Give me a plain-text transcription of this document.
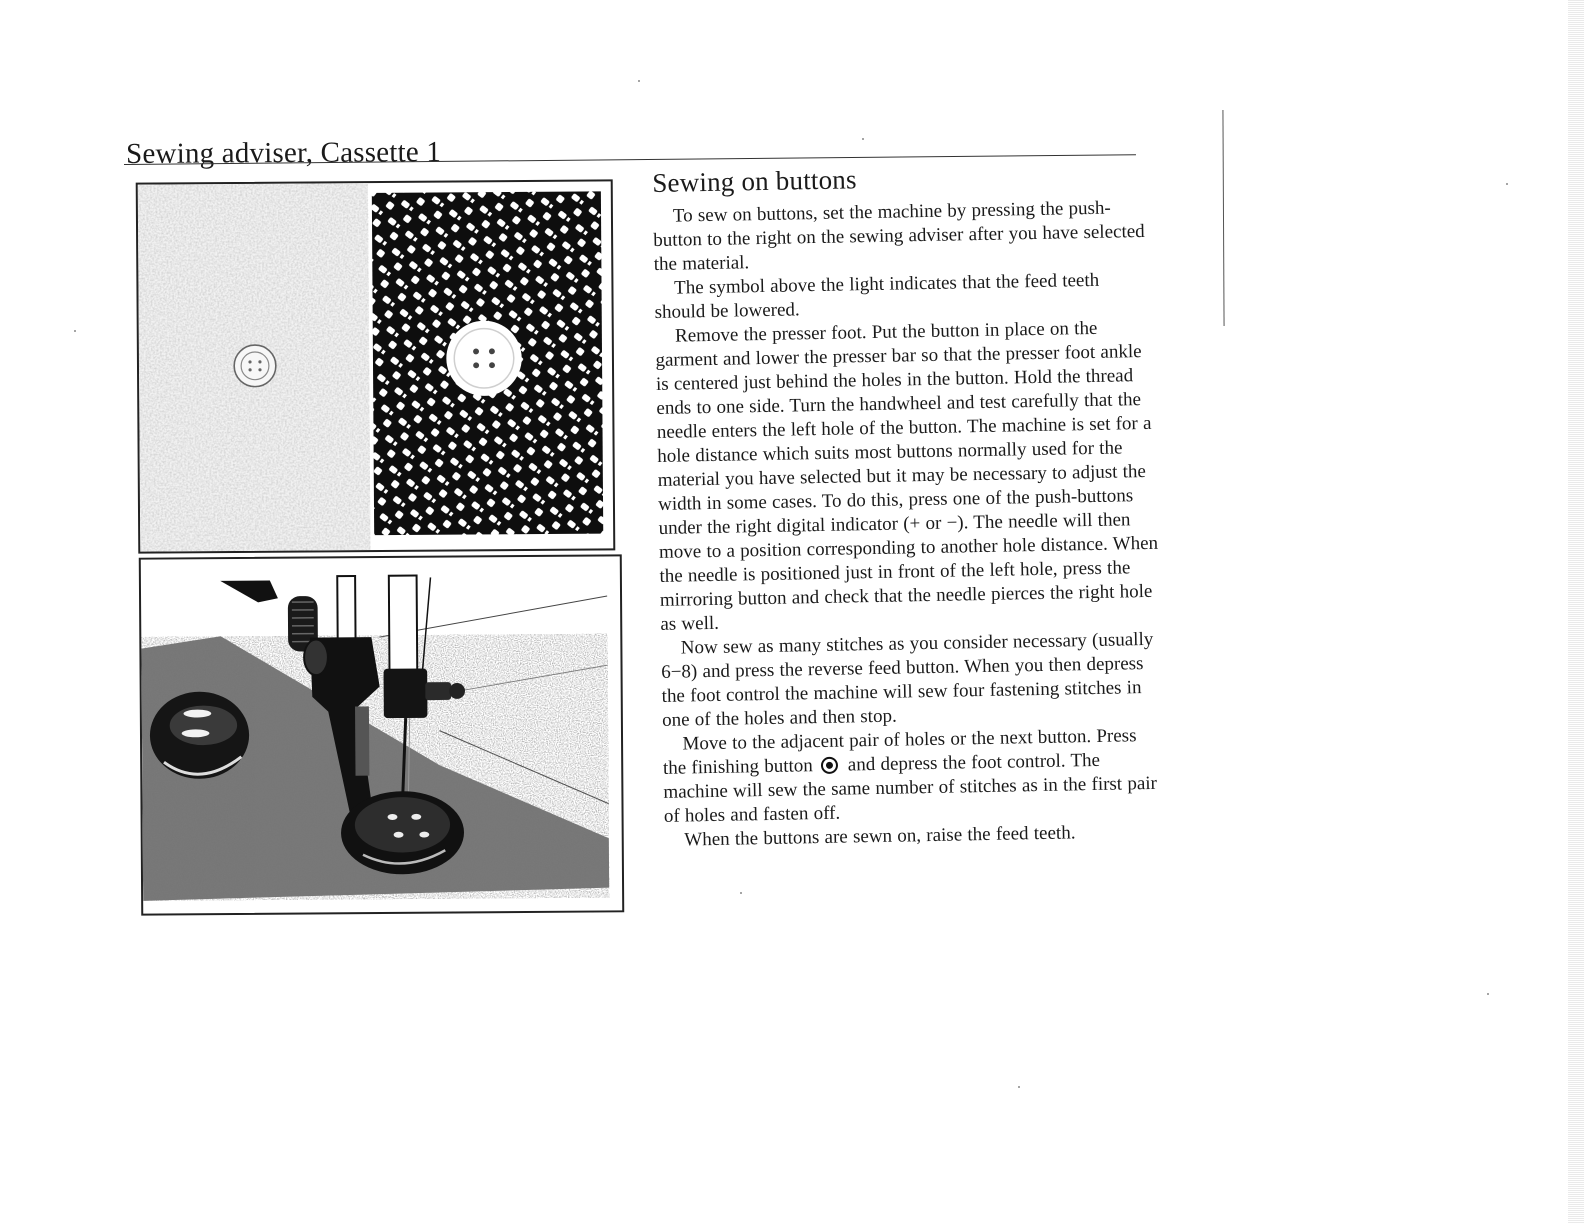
Sewing adviser, Cassette 1
Sewing on buttons

To sew on buttons, set the machine by pressing the push-button to the right on the sewing adviser after you have selected the material.

The symbol above the light indicates that the feed teeth should be lowered.

Remove the presser foot. Put the button in place on the garment and lower the presser bar so that the presser foot ankle is centered just behind the holes in the button. Hold the thread ends to one side. Turn the handwheel and test carefully that the needle enters the left hole of the button. The machine is set for a hole distance which suits most buttons normally used for the material you have selected but it may be necessary to adjust the width in some cases. To do this, press one of the push-buttons under the right digital indicator (+ or −). The needle will then move to a position corresponding to another hole distance. When the needle is positioned just in front of the left hole, press the mirroring button and check that the needle pierces the right hole as well.

Now sew as many stitches as you consider necessary (usually 6−8) and press the reverse feed button. When you then depress the foot control the machine will sew four fastening stitches in one of the holes and then stop.

Move to the adjacent pair of holes or the next button. Press the finishing button and depress the foot control. The machine will sew the same number of stitches as in the first pair of holes and fasten off.

When the buttons are sewn on, raise the feed teeth.
